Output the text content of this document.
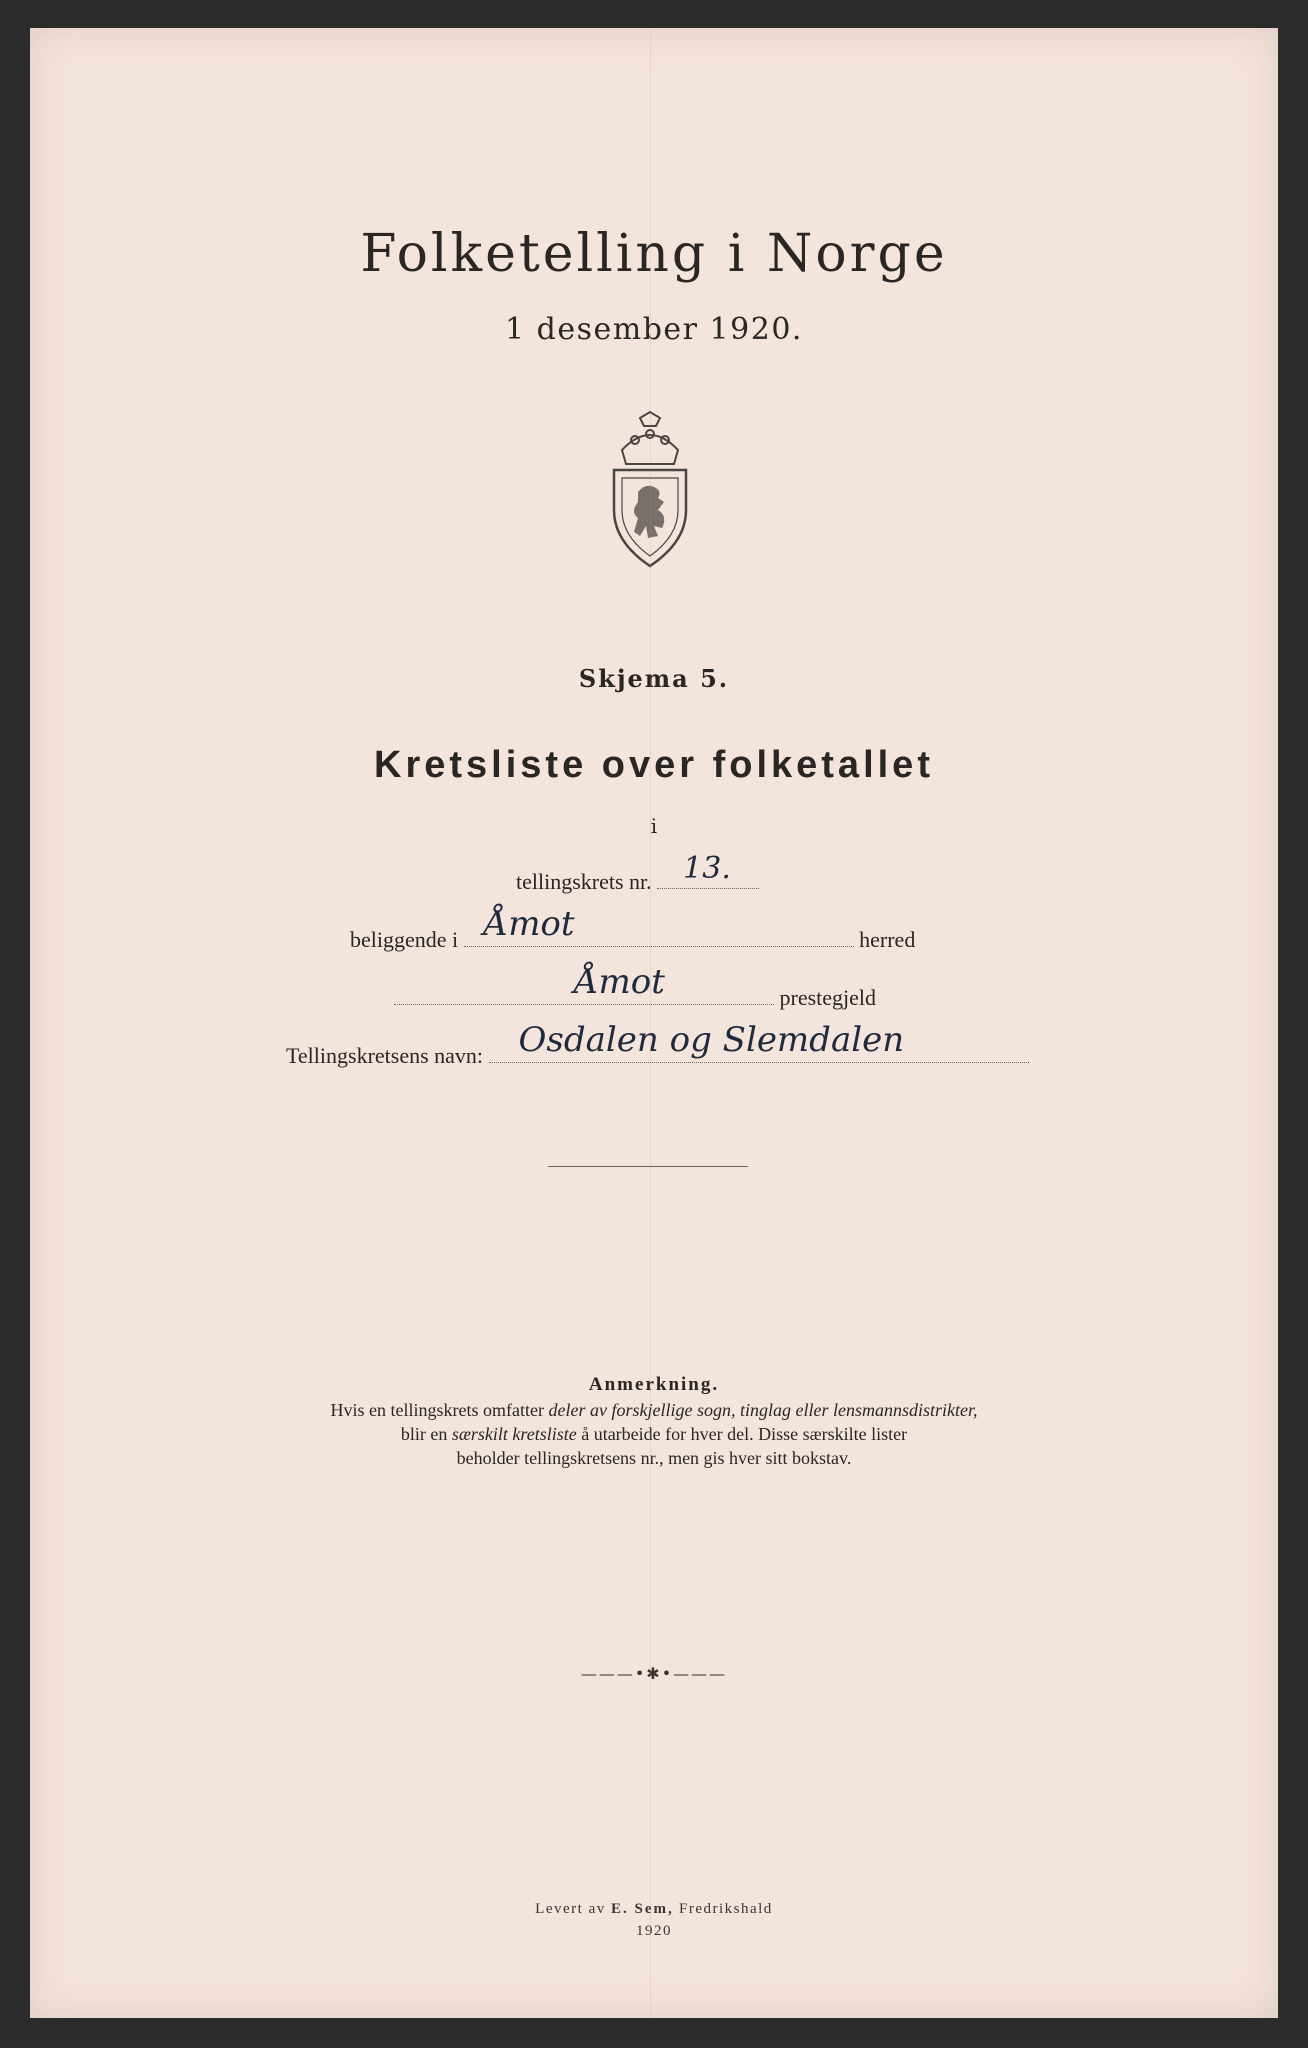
Folketelling i Norge
1 desember 1920.
Skjema 5.
Kretsliste over folketallet
i
tellingskrets nr. 13.
beliggende i Åmot	herred
Åmot	prestegjeld
Tellingskretsens navn: Osdalen og Slemdalen
Anmerkning.
Hvis en tellingskrets omfatter deler av forskjellige sogn, tinglag eller lensmannsdistrikter,
blir en særskilt kretsliste å utarbeide for hver del. Disse særskilte lister
beholder tellingskretsens nr., men gis hver sitt bokstav.
———•✱•———
Levert av E. Sem, Fredrikshald
1920
